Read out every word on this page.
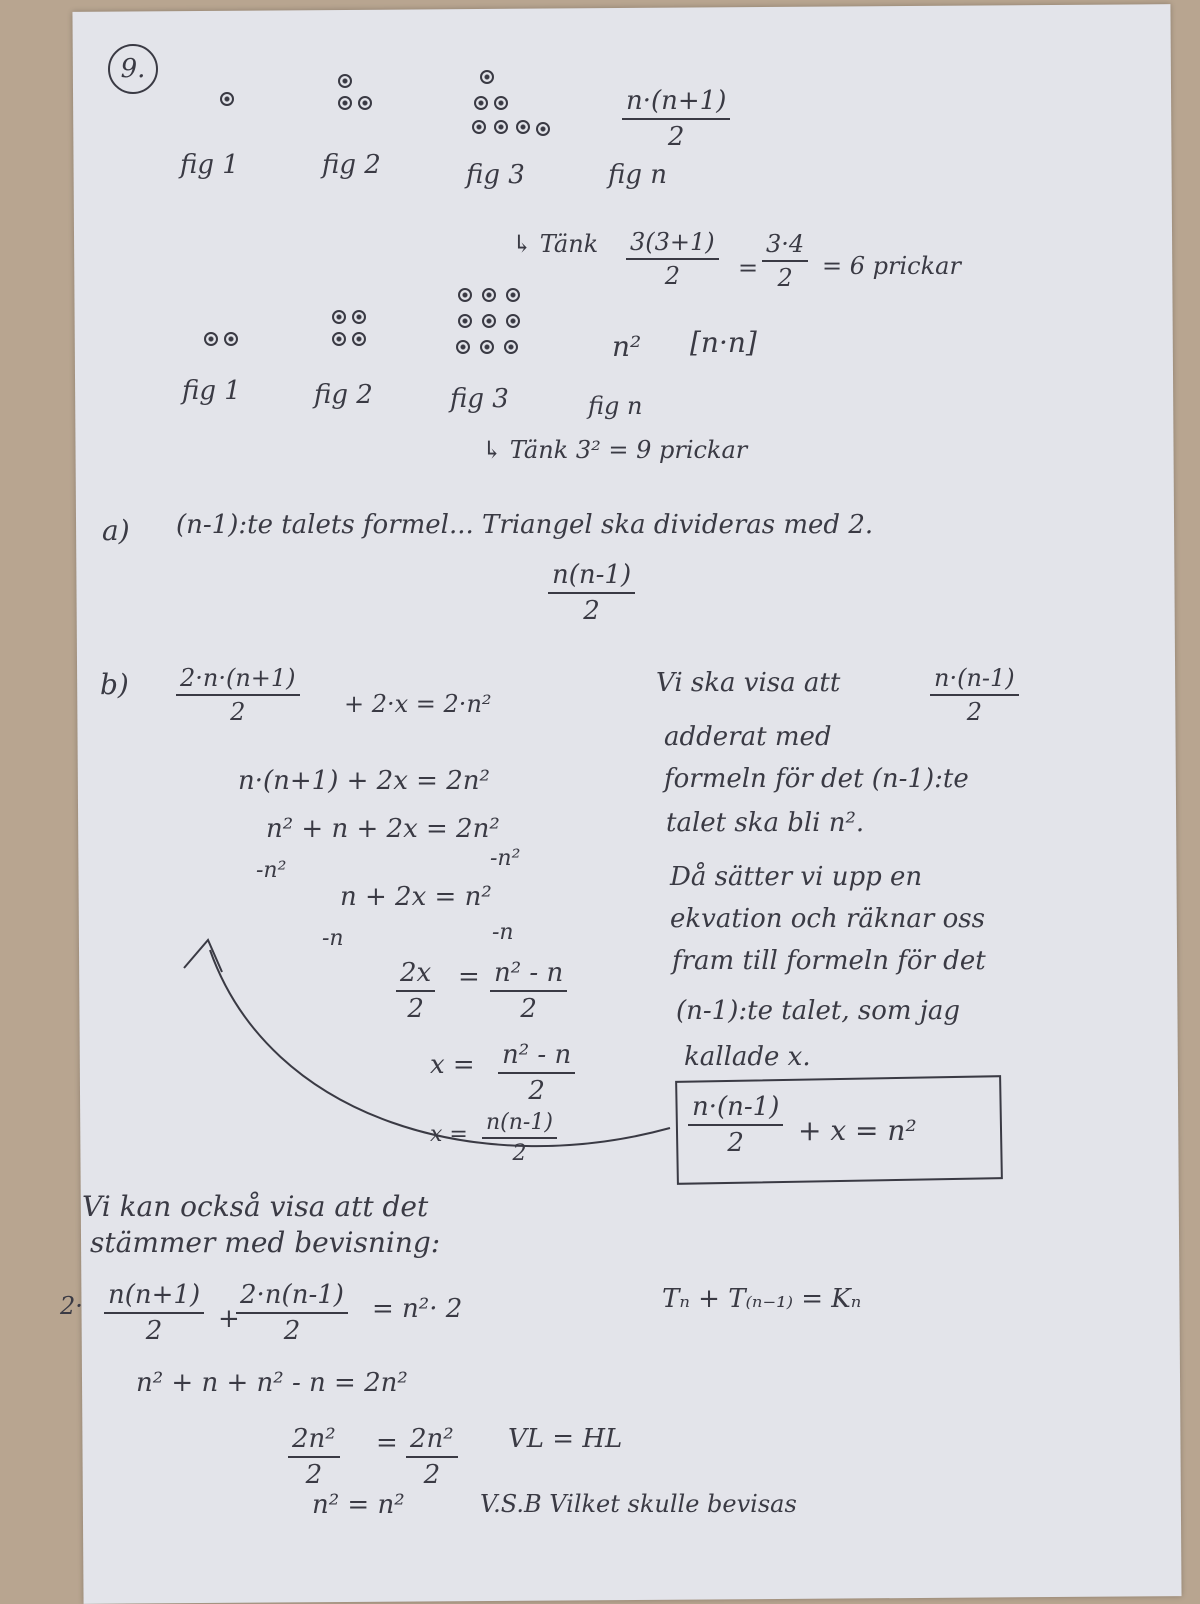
9.
fig 1	fig 2	fig 3	fig n
$\frac{n\cdot(n+1)}{2}$
↳ Tänk $\frac{3(3+1)}{2} = \frac{3\cdot 4}{2} = 6$ prickar
fig 1	fig 2	fig 3	fig n
n² [n·n]
↳ Tänk 3² = 9 prickar
a) (n-1):te talets formel... Triangel ska divideras med 2.
$\frac{n(n-1)}{2}$
$b) \frac{2\cdot n\cdot(n+1)}{2} + 2\cdot x = 2\cdot n^2$
n·(n+1) + 2x = 2n²
n² + n + 2x = 2n²
-n²	-n²
n + 2x = n²
-n	-n
$\frac{2x}{2} = \frac{\text{n² - n}}{2}$
$x = \frac{\text{n² - n}}{2}$
$x = \frac{n(n-1)}{2}$
Vi ska visa att	$\frac{n\cdot(n-1)}{2}$
adderat med
formeln för det (n-1):te
talet ska bli n².
Då sätter vi upp en
ekvation och räknar oss
fram till formeln för det
(n-1):te talet, som jag
kallade x.
$\frac{n\cdot(n-1)}{2} + x = n^2$
Vi kan också visa att det
stämmer med bevisning:
$2\cdot \frac{n(n+1)}{2}$ +
$\frac{2\cdot n(n-1)}{2} = n^2\cdot 2$	Tₙ + T₍ₙ₋₁₎ = Kₙ
n² + n + n² - n = 2n²
$\frac{\text{2n²}}{2} = \frac{\text{2n²}}{2}$ VL = HL
n² = n²	V.S.B Vilket skulle bevisas
